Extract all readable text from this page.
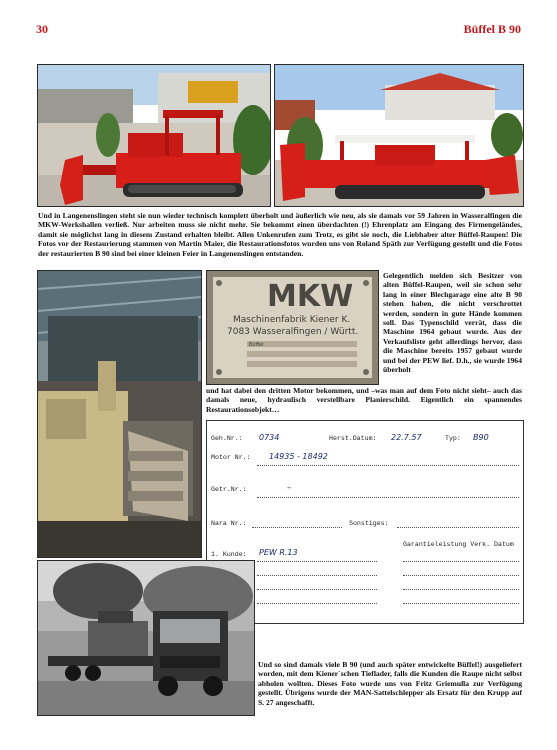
30	Büffel B 90

Und in Langenenslingen steht sie nun wieder technisch komplett überholt und äußerlich wie neu, als sie damals vor 59 Jahren in Wasseralfingen die MKW-Werkshallen verließ. Nur arbeiten muss sie nicht mehr. Sie bekommt einen überdachten (!) Ehrenplatz am Eingang des Firmengeländes, damit sie möglichst lang in diesem Zustand erhalten bleibt. Allen Unkenrufen zum Trotz, es gibt sie noch, die Liebhaber alter Büffel-Raupen! Die Fotos vor der Restaurierung stammen von Martin Maier, die Restaurationsfotos wurden uns von Roland Späth zur Verfügung gestellt und die Fotos der restaurierten B 90 sind bei einer kleinen Feier in Langenenslingen entstanden.

MKW
Maschinenfabrik Kiener K.
7083 Wasseralfingen / Württ.
Büffel

Gelegentlich melden sich Besitzer von alten Büffel-Raupen, weil sie schon sehr lang in einer Blechgarage eine alte B 90 stehen haben, die nicht verschrottet werden, sondern in gute Hände kommen soll. Das Typenschild verrät, dass die Maschine 1964 gebaut wurde. Aus der Verkaufsliste geht allerdings hervor, dass die Maschine bereits 1957 gebaut wurde und bei der PEW lief. D.h., sie wurde 1964 überholt

und hat dabei den dritten Motor bekommen, und –was man auf dem Foto nicht sieht– auch das damals neue, hydraulisch verstellbare Planierschild. Eigentlich ein spannendes Restaurationsobjekt…

Geh.Nr.: 0734	Herst.Datum: 22.7.57	Typ: B90
Motor Nr.: 14935 - 18492
Getr.Nr.:	–
Nara Nr.:	Sonstiges:
Garantieleistung Verk. Datum
1. Kunde: PEW R.13

Und so sind damals viele B 90 (und auch später entwickelte Büffel!) ausgeliefert worden, mit dem Kiener´schen Tieflader, falls die Kunden die Raupe nicht selbst abholen wollten. Dieses Foto wurde uns von Fritz Griemulla zur Verfügung gestellt. Übrigens wurde der MAN-Sattelschlepper als Ersatz für den Krupp auf S. 27 angeschafft.
